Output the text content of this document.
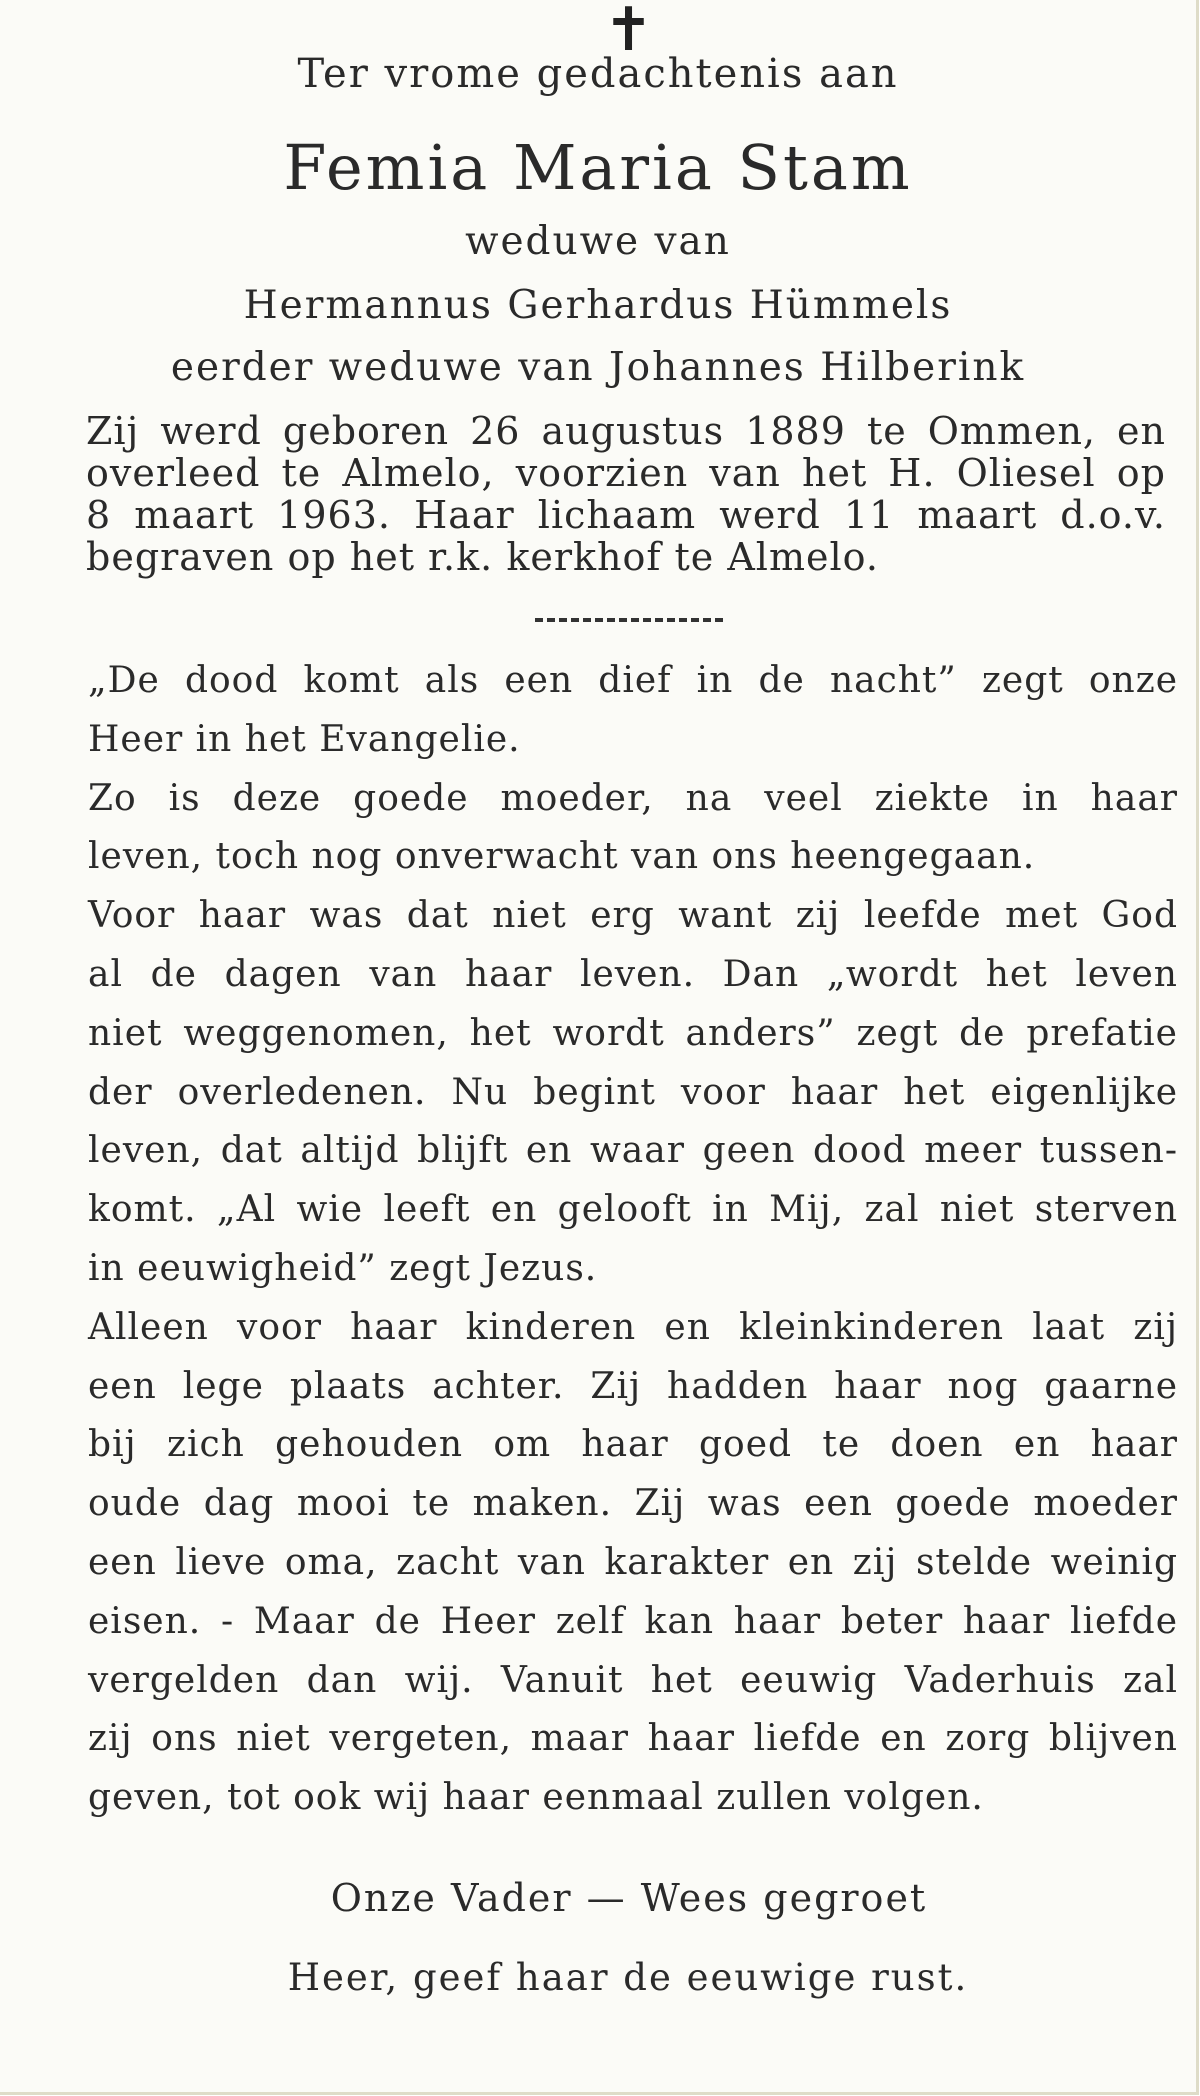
✝
Ter vrome gedachtenis aan
Femia Maria Stam
weduwe van
Hermannus Gerhardus Hümmels
eerder weduwe van Johannes Hilberink
Zij werd geboren 26 augustus 1889 te Ommen, en
overleed te Almelo, voorzien van het H. Oliesel op
8 maart 1963. Haar lichaam werd 11 maart d.o.v.
begraven op het r.k. kerkhof te Almelo.
„De dood komt als een dief in de nacht” zegt onze
Heer in het Evangelie.
Zo is deze goede moeder, na veel ziekte in haar
leven, toch nog onverwacht van ons heengegaan.
Voor haar was dat niet erg want zij leefde met God
al de dagen van haar leven. Dan „wordt het leven
niet weggenomen, het wordt anders” zegt de prefatie
der overledenen. Nu begint voor haar het eigenlijke
leven, dat altijd blijft en waar geen dood meer tussen-
komt. „Al wie leeft en gelooft in Mij, zal niet sterven
in eeuwigheid” zegt Jezus.
Alleen voor haar kinderen en kleinkinderen laat zij
een lege plaats achter. Zij hadden haar nog gaarne
bij zich gehouden om haar goed te doen en haar
oude dag mooi te maken. Zij was een goede moeder
een lieve oma, zacht van karakter en zij stelde weinig
eisen. - Maar de Heer zelf kan haar beter haar liefde
vergelden dan wij. Vanuit het eeuwig Vaderhuis zal
zij ons niet vergeten, maar haar liefde en zorg blijven
geven, tot ook wij haar eenmaal zullen volgen.
Onze Vader — Wees gegroet
Heer, geef haar de eeuwige rust.
